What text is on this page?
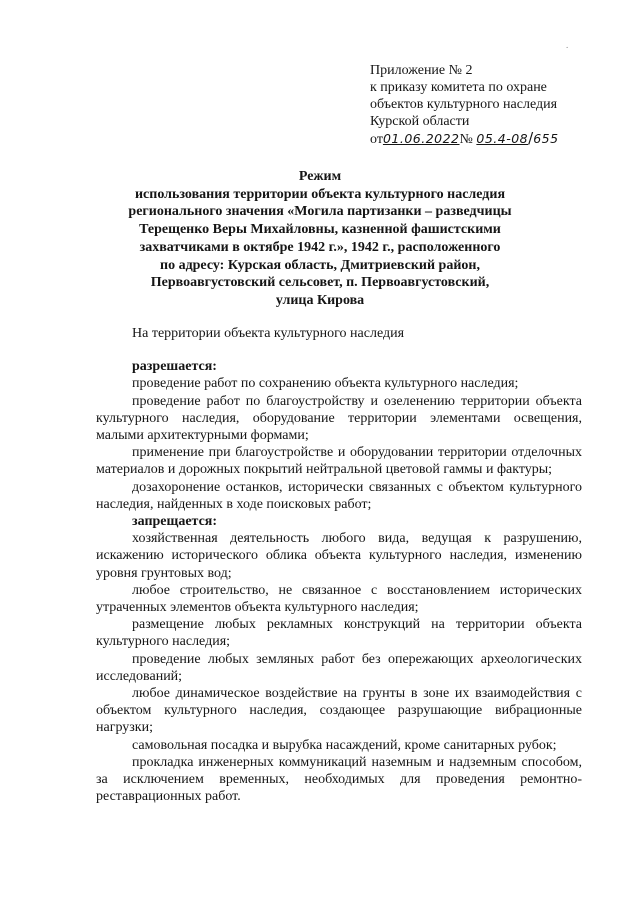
.
Приложение № 2
к приказу комитета по охране
объектов культурного наследия
Курской области
от01.06.2022№ 05.4-08/655
Режим
использования территории объекта культурного наследия
регионального значения «Могила партизанки – разведчицы
Терещенко Веры Михайловны, казненной фашистскими
захватчиками в октябре 1942 г.», 1942 г., расположенного
по адресу: Курская область, Дмитриевский район,
Первоавгустовский сельсовет, п. Первоавгустовский,
улица Кирова
На территории объекта культурного наследия
разрешается:
проведение работ по сохранению объекта культурного наследия;
проведение работ по благоустройству и озеленению территории объекта культурного наследия, оборудование территории элементами освещения, малыми архитектурными формами;
применение при благоустройстве и оборудовании территории отделочных материалов и дорожных покрытий нейтральной цветовой гаммы и фактуры;
дозахоронение останков, исторически связанных с объектом культурного наследия, найденных в ходе поисковых работ;
запрещается:
хозяйственная деятельность любого вида, ведущая к разрушению, искажению исторического облика объекта культурного наследия, изменению уровня грунтовых вод;
любое строительство, не связанное с восстановлением исторических утраченных элементов объекта культурного наследия;
размещение любых рекламных конструкций на территории объекта культурного наследия;
проведение любых земляных работ без опережающих археологических исследований;
любое динамическое воздействие на грунты в зоне их взаимодействия с объектом культурного наследия, создающее разрушающие вибрационные нагрузки;
самовольная посадка и вырубка насаждений, кроме санитарных рубок;
прокладка инженерных коммуникаций наземным и надземным способом, за исключением временных, необходимых для проведения ремонтно-реставрационных работ.
